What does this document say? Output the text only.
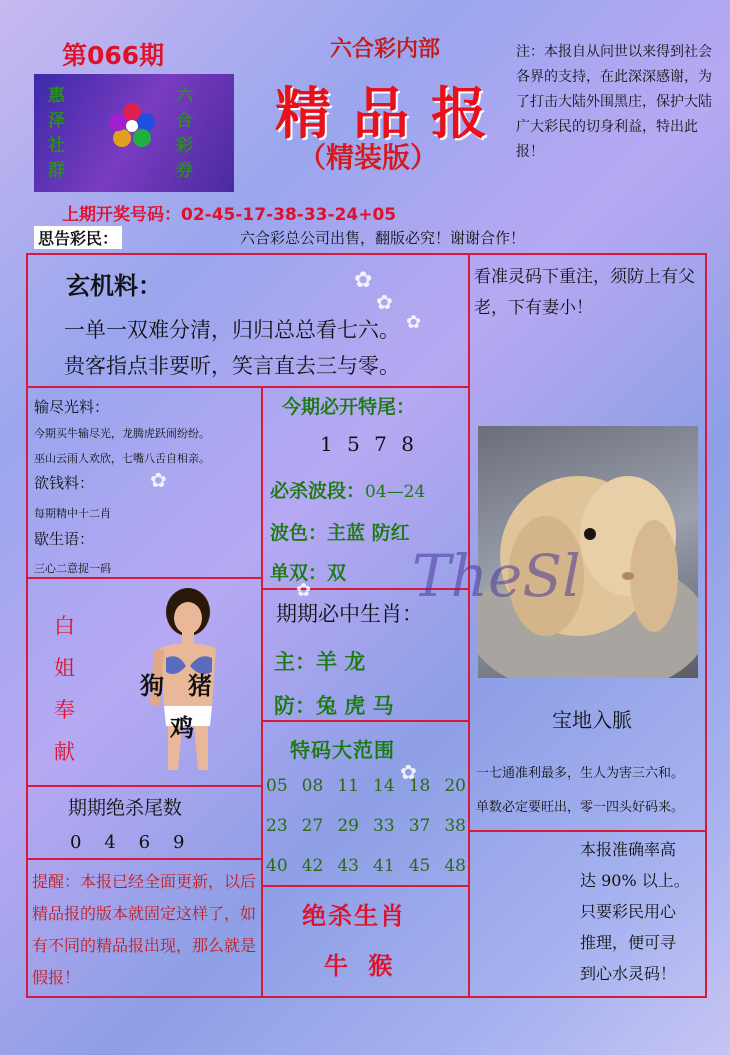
第066期	六合彩内部
精品报
（精装版）
惠泽社群
六合彩券
注：本报自从问世以来得到社会各界的支持，在此深深感谢，为了打击大陆外围黑庄，保护大陆广大彩民的切身利益，特出此报！
上期开奖号码：02-45-17-38-33-24+05
思告彩民：	六合彩总公司出售，翻版必究！谢谢合作！
玄机料：
一单一双难分清，归归总总看七六。
贵客指点非要听，笑言直去三与零。
看准灵码下重注，须防上有父老，下有妻小！
输尽光料：
今期买牛输尽光，龙腾虎跃闹纷纷。
巫山云雨人欢欣，七嘴八舌自相亲。
欲钱料：
每期精中十二肖
歇生语：
三心二意捉一码
今期必开特尾：
1 5 7 8
必杀波段：04—24
波色：主蓝 防红
单双：双
期期必中生肖：
主：羊 龙
防：兔 虎 马
白
姐
奉
献
狗 猪
鸡
特码大范围
05 08 11 14 18 20
23 27 29 33 37 38
40 42 43 41 45 48
期期绝杀尾数
0    4    6    9
提醒：本报已经全面更新，以后精品报的版本就固定这样了，如有不同的精品报出现，那么就是假报！
绝杀生肖
牛 猴
宝地入脈
一七通准利最多，生人为害三六和。
单数必定要旺出，零一四头好码来。
本报准确率高
达 90% 以上。
只要彩民用心
推理，便可寻
到心水灵码！
TheSl
✿
✿
✿
✿
✿
✿
